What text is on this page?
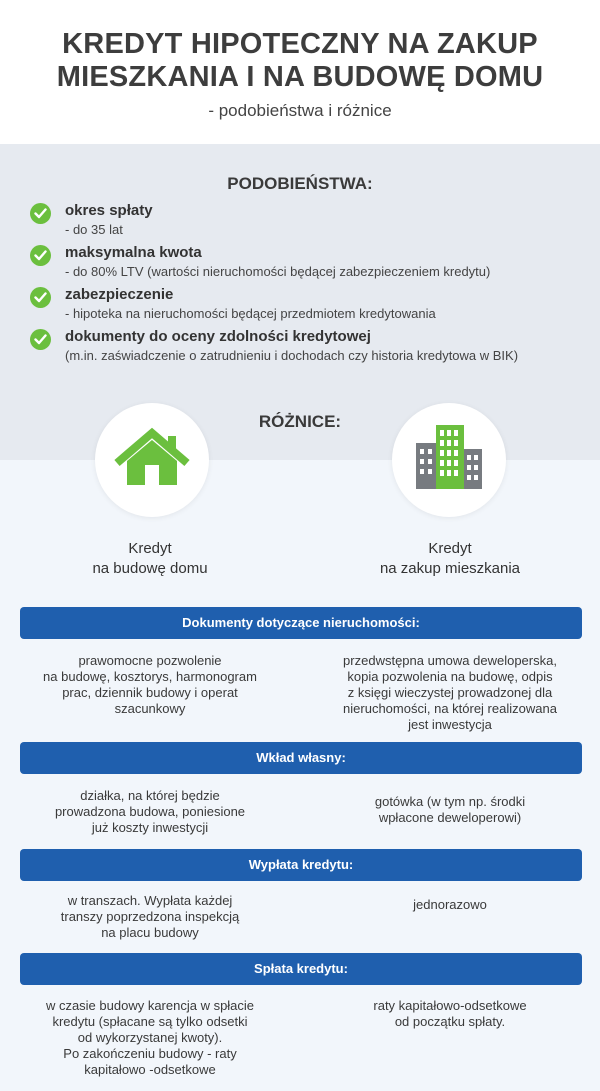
KREDYT HIPOTECZNY NA ZAKUP
MIESZKANIA I NA BUDOWĘ DOMU
- podobieństwa i różnice
PODOBIEŃSTWA:
okres spłaty
- do 35 lat
maksymalna kwota
- do 80% LTV (wartości nieruchomości będącej zabezpieczeniem kredytu)
zabezpieczenie
- hipoteka na nieruchomości będącej przedmiotem kredytowania
dokumenty do oceny zdolności kredytowej
(m.in. zaświadczenie o zatrudnieniu i dochodach czy historia kredytowa w BIK)
RÓŻNICE:
Kredyt
na budowę domu
Kredyt
na zakup mieszkania
Dokumenty dotyczące nieruchomości:
prawomocne pozwolenie
na budowę, kosztorys, harmonogram
prac, dziennik budowy i operat
szacunkowy
przedwstępna umowa deweloperska,
kopia pozwolenia na budowę, odpis
z księgi wieczystej prowadzonej dla
nieruchomości, na której realizowana
jest inwestycja
Wkład własny:
działka, na której będzie
prowadzona budowa, poniesione
już koszty inwestycji
gotówka (w tym np. środki
wpłacone deweloperowi)
Wypłata kredytu:
w transzach. Wypłata każdej
transzy poprzedzona inspekcją
na placu budowy
jednorazowo
Spłata kredytu:
w czasie budowy karencja w spłacie
kredytu (spłacane są tylko odsetki
od wykorzystanej kwoty).
Po zakończeniu budowy - raty
kapitałowo -odsetkowe
raty kapitałowo-odsetkowe
od początku spłaty.
